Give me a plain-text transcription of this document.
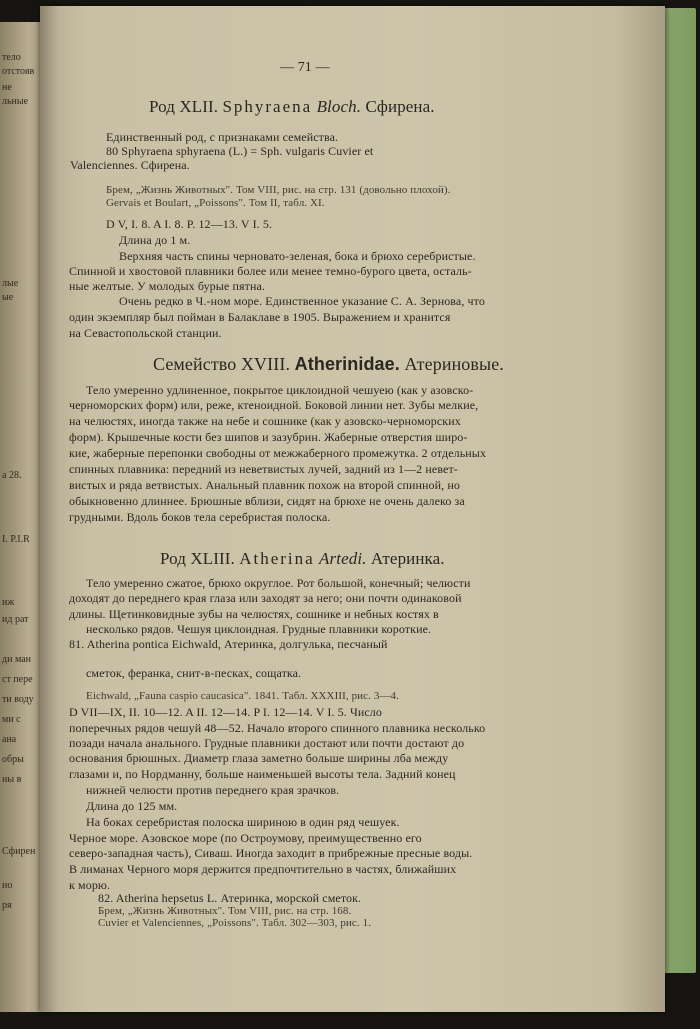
тело
отстояв
не
льные
лые
ые
а 28.
I. P.I.R
иж
ид рат
ди ман
ст пере
ти воду
ми с
ана
обры
ны в
Сфирен
но
ря
— 71 —
Род XLII. Sphyraena Bloch. Сфирена.
Единственный род, с признаками семейства.
80 Sphyraena sphyraena (L.) = Sph. vulgaris Cuvier et
Valenciennes. Сфирена.
Брем, „Жизнь Животных". Том VIII, рис. на стр. 131 (довольно плохой).
Gervais et Boulart, „Poissons". Том II, табл. XI.
D V, I. 8. A I. 8. P. 12—13. V I. 5.
Длина до 1 м.
Верхняя часть спины черновато-зеленая, бока и брюхо серебристые.
Спинной и хвостовой плавники более или менее темно-бурого цвета, осталь-
ные желтые. У молодых бурые пятна.
Очень редко в Ч.-ном море. Единственное указание С. А. Зернова, что
один экземпляр был пойман в Балаклаве в 1905. Выражением и хранится
на Севастопольской станции.
Семейство XVIII. Atherinidae. Атериновые.
Тело умеренно удлиненное, покрытое циклоидной чешуею (как у азовско-
черноморских форм) или, реже, ктеноидной. Боковой линии нет. Зубы мелкие,
на челюстях, иногда также на небе и сошнике (как у азовско-черноморских
форм). Крышечные кости без шипов и зазубрин. Жаберные отверстия широ-
кие, жаберные перепонки свободны от межжаберного промежутка. 2 отдельных
спинных плавника: передний из неветвистых лучей, задний из 1—2 невет-
вистых и ряда ветвистых. Анальный плавник похож на второй спинной, но
обыкновенно длиннее. Брюшные вблизи, сидят на брюхе не очень далеко за
грудными. Вдоль боков тела серебристая полоска.
Род XLIII. Atherina Artedi. Атеринка.
Тело умеренно сжатое, брюхо округлое. Рот большой, конечный; челюсти
доходят до переднего края глаза или заходят за него; они почти одинаковой
длины. Щетинковидные зубы на челюстях, сошнике и небных костях в
несколько рядов. Чешуя циклоидная. Грудные плавники короткие.
81. Atherina pontica Eichwald, Атеринка, долгулька, песчаный
сметок, феранка, снит-в-песках, сощатка.
Eichwald, „Fauna caspio caucasica". 1841. Табл. XXXIII, рис. 3—4.
D VII—IX, II. 10—12. A II. 12—14. P I. 12—14. V I. 5. Число
поперечных рядов чешуй 48—52. Начало второго спинного плавника несколько
позади начала анального. Грудные плавники достают или почти достают до
основания брюшных. Диаметр глаза заметно больше ширины лба между
глазами и, по Нордманну, больше наименьшей высоты тела. Задний конец
нижней челюсти против переднего края зрачков.
Длина до 125 мм.
На боках серебристая полоска шириною в один ряд чешуек.
Черное море. Азовское море (по Остроумову, преимущественно его
северо-западная часть), Сиваш. Иногда заходит в прибрежные пресные воды.
В лиманах Черного моря держится предпочтительно в частях, ближайших
к морю.
82. Atherina hepsetus L. Атеринка, морской сметок.
Брем, „Жизнь Животных". Том VIII, рис. на стр. 168.
Cuvier et Valenciennes, „Poissons". Табл. 302—303, рис. 1.
